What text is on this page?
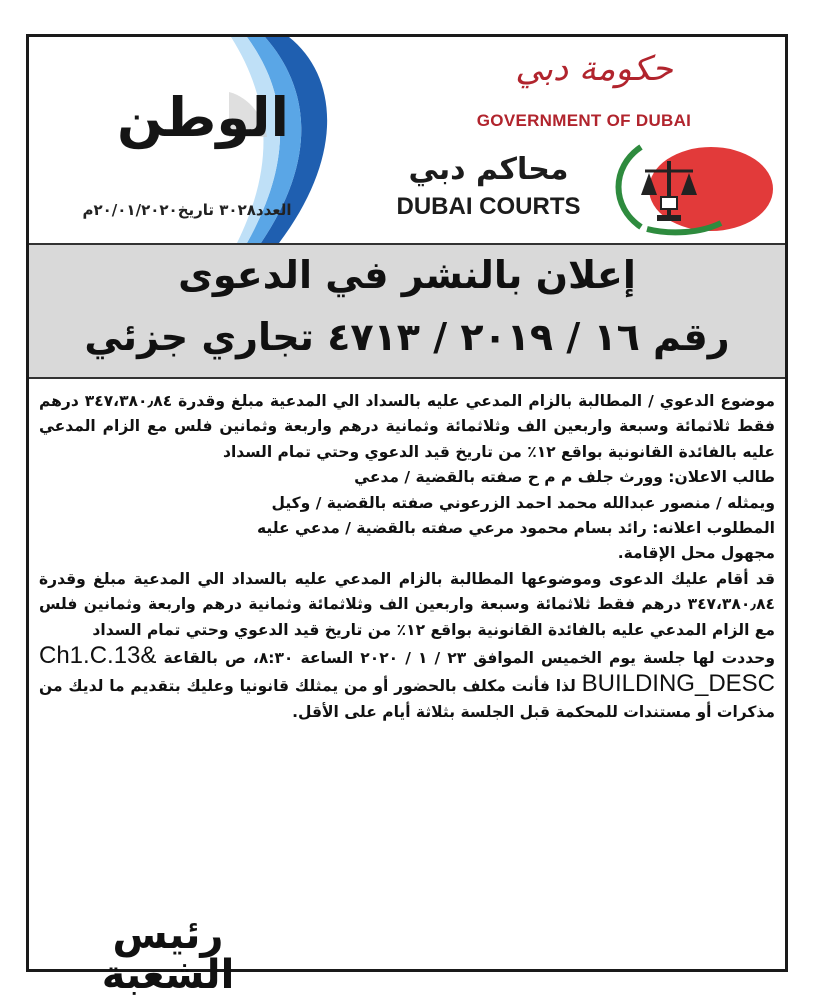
الوطن
العدد٣٠٢٨ تاريخ٢٠/٠١/٢٠٢٠م
حكومة دبي
GOVERNMENT OF DUBAI
محاكم دبي
DUBAI COURTS
إعلان بالنشر في الدعوى
رقم ١٦ / ٢٠١٩ / ٤٧١٣ تجاري جزئي

موضوع الدعوي / المطالبة بالزام المدعي عليه بالسداد الي المدعية مبلغ وقدرة ٣٤٧،٣٨٠٫٨٤ درهم فقط ثلاثمائة وسبعة واربعين الف وثلاثمائة وثمانية درهم واربعة وثمانين فلس مع الزام المدعي عليه بالفائدة القانونية بواقع ١٢٪ من تاريخ قيد الدعوي وحتي تمام السداد

طالب الاعلان: وورث جلف م م ح صفته بالقضية / مدعي

ويمثله / منصور عبدالله محمد احمد الزرعوني صفته بالقضية / وكيل

المطلوب اعلانه: رائد بسام محمود مرعي صفته بالقضية / مدعي عليه

مجهول محل الإقامة.

قد أقام عليك الدعوى وموضوعها المطالبة بالزام المدعي عليه بالسداد الي المدعية مبلغ وقدرة ٣٤٧،٣٨٠٫٨٤ درهم فقط ثلاثمائة وسبعة واربعين الف وثلاثمائة وثمانية درهم واربعة وثمانين فلس مع الزام المدعي عليه بالفائدة القانونية بواقع ١٢٪ من تاريخ قيد الدعوي وحتي تمام السداد

وحددت لها جلسة يوم الخميس الموافق ٢٣ / ١ / ٢٠٢٠ الساعة ٨:٣٠، ص بالقاعة Ch1.C.13& BUILDING_DESC لذا فأنت مكلف بالحضور أو من يمثلك قانونيا وعليك بتقديم ما لديك من مذكرات أو مستندات للمحكمة قبل الجلسة بثلاثة أيام على الأقل.

رئيس الشعبة
